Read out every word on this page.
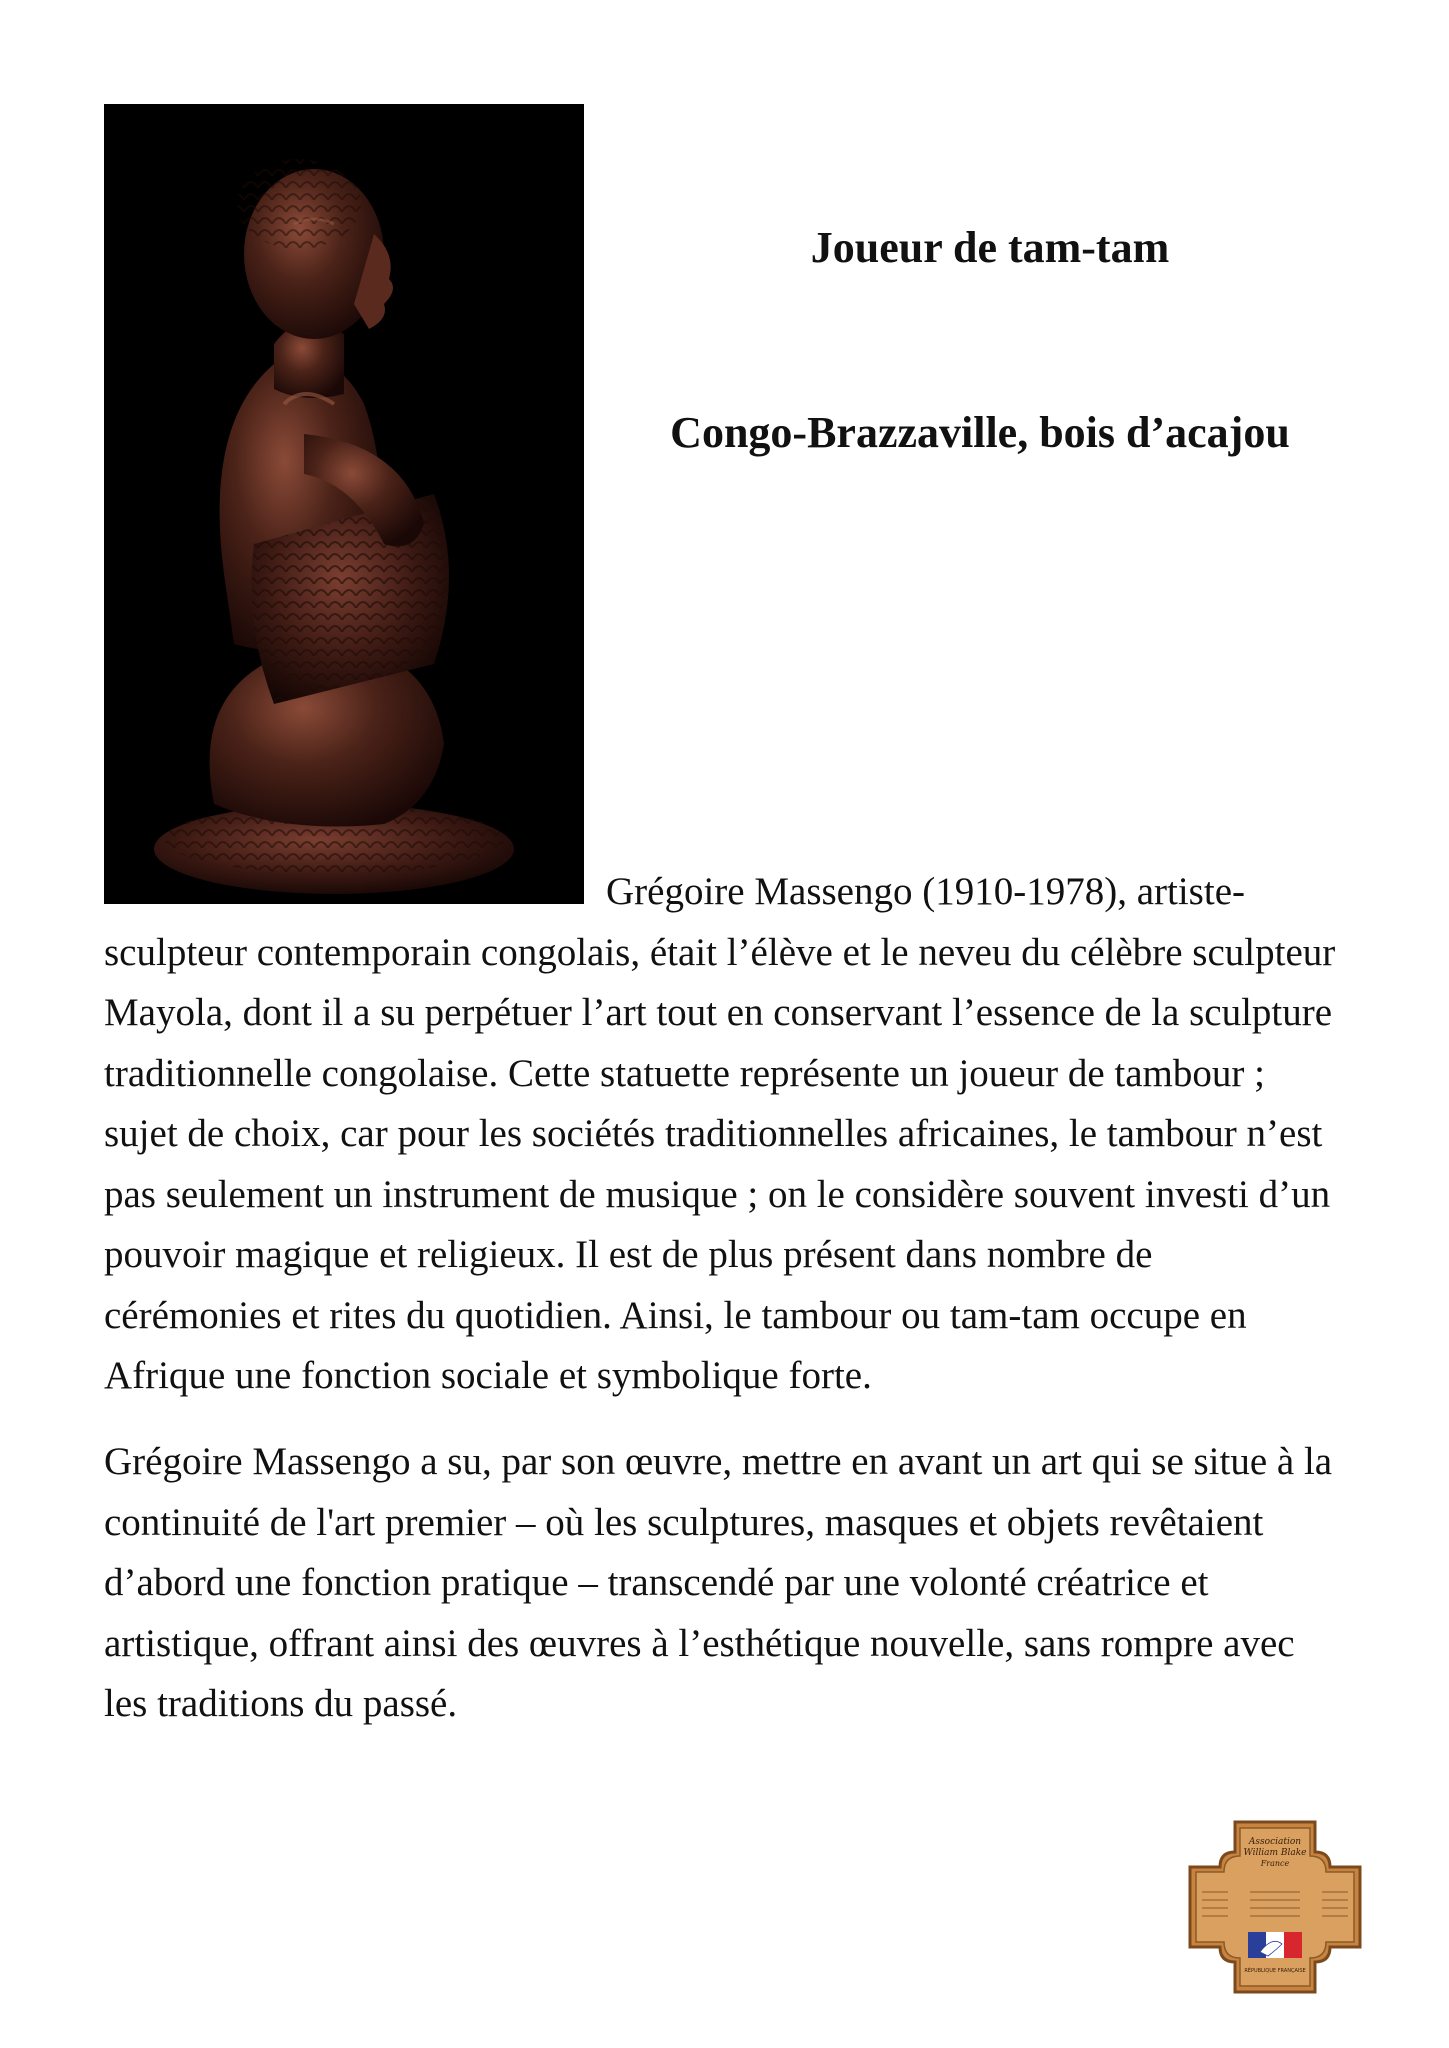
Joueur de tam-tam
Congo-Brazzaville, bois d’acajou

Grégoire Massengo (1910-1978), artiste-sculpteur contemporain congolais, était l’élève et le neveu du célèbre sculpteur Mayola, dont il a su perpétuer l’art tout en conservant l’essence de la sculpture traditionnelle congolaise. Cette statuette représente un joueur de tambour ; sujet de choix, car pour les sociétés traditionnelles africaines, le tambour n’est pas seulement un instrument de musique ; on le considère souvent investi d’un pouvoir magique et religieux. Il est de plus présent dans nombre de cérémonies et rites du quotidien. Ainsi, le tambour ou tam-tam occupe en Afrique une fonction sociale et symbolique forte.

Grégoire Massengo a su, par son œuvre, mettre en avant un art qui se situe à la continuité de l'art premier – où les sculptures, masques et objets revêtaient d’abord une fonction pratique – transcendé par une volonté créatrice et artistique, offrant ainsi des œuvres à l’esthétique nouvelle, sans rompre avec les traditions du passé.

Association
William Blake
France
RÉPUBLIQUE FRANÇAISE
